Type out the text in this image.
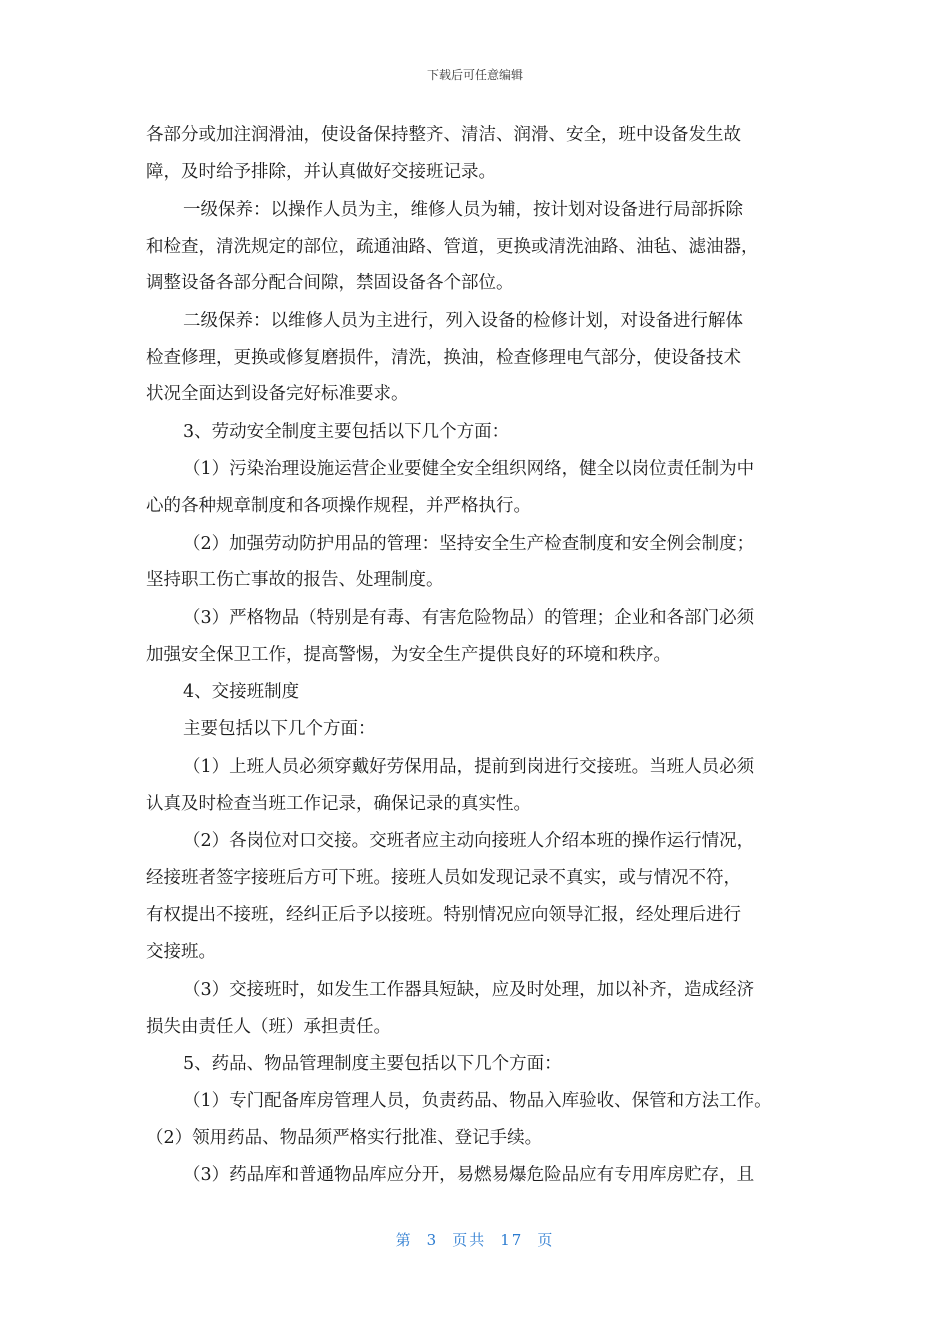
下载后可任意编辑
各部分或加注润滑油，使设备保持整齐、清洁、润滑、安全，班中设备发生故
障，及时给予排除，并认真做好交接班记录。
一级保养：以操作人员为主，维修人员为辅，按计划对设备进行局部拆除
和检查，清洗规定的部位，疏通油路、管道，更换或清洗油路、油毡、滤油器，
调整设备各部分配合间隙，禁固设备各个部位。
二级保养：以维修人员为主进行，列入设备的检修计划，对设备进行解体
检查修理，更换或修复磨损件，清洗，换油，检查修理电气部分，使设备技术
状况全面达到设备完好标准要求。
3、劳动安全制度主要包括以下几个方面：
（1）污染治理设施运营企业要健全安全组织网络，健全以岗位责任制为中
心的各种规章制度和各项操作规程，并严格执行。
（2）加强劳动防护用品的管理：坚持安全生产检查制度和安全例会制度；
坚持职工伤亡事故的报告、处理制度。
（3）严格物品（特别是有毒、有害危险物品）的管理；企业和各部门必须
加强安全保卫工作，提高警惕，为安全生产提供良好的环境和秩序。
4、交接班制度
主要包括以下几个方面：
（1）上班人员必须穿戴好劳保用品，提前到岗进行交接班。当班人员必须
认真及时检查当班工作记录，确保记录的真实性。
（2）各岗位对口交接。交班者应主动向接班人介绍本班的操作运行情况，
经接班者签字接班后方可下班。接班人员如发现记录不真实，或与情况不符，
有权提出不接班，经纠正后予以接班。特别情况应向领导汇报，经处理后进行
交接班。
（3）交接班时，如发生工作器具短缺，应及时处理，加以补齐，造成经济
损失由责任人（班）承担责任。
5、药品、物品管理制度主要包括以下几个方面：
（1）专门配备库房管理人员，负责药品、物品入库验收、保管和方法工作。
（2）领用药品、物品须严格实行批准、登记手续。
（3）药品库和普通物品库应分开，易燃易爆危险品应有专用库房贮存，且
第 3 页共 17 页
